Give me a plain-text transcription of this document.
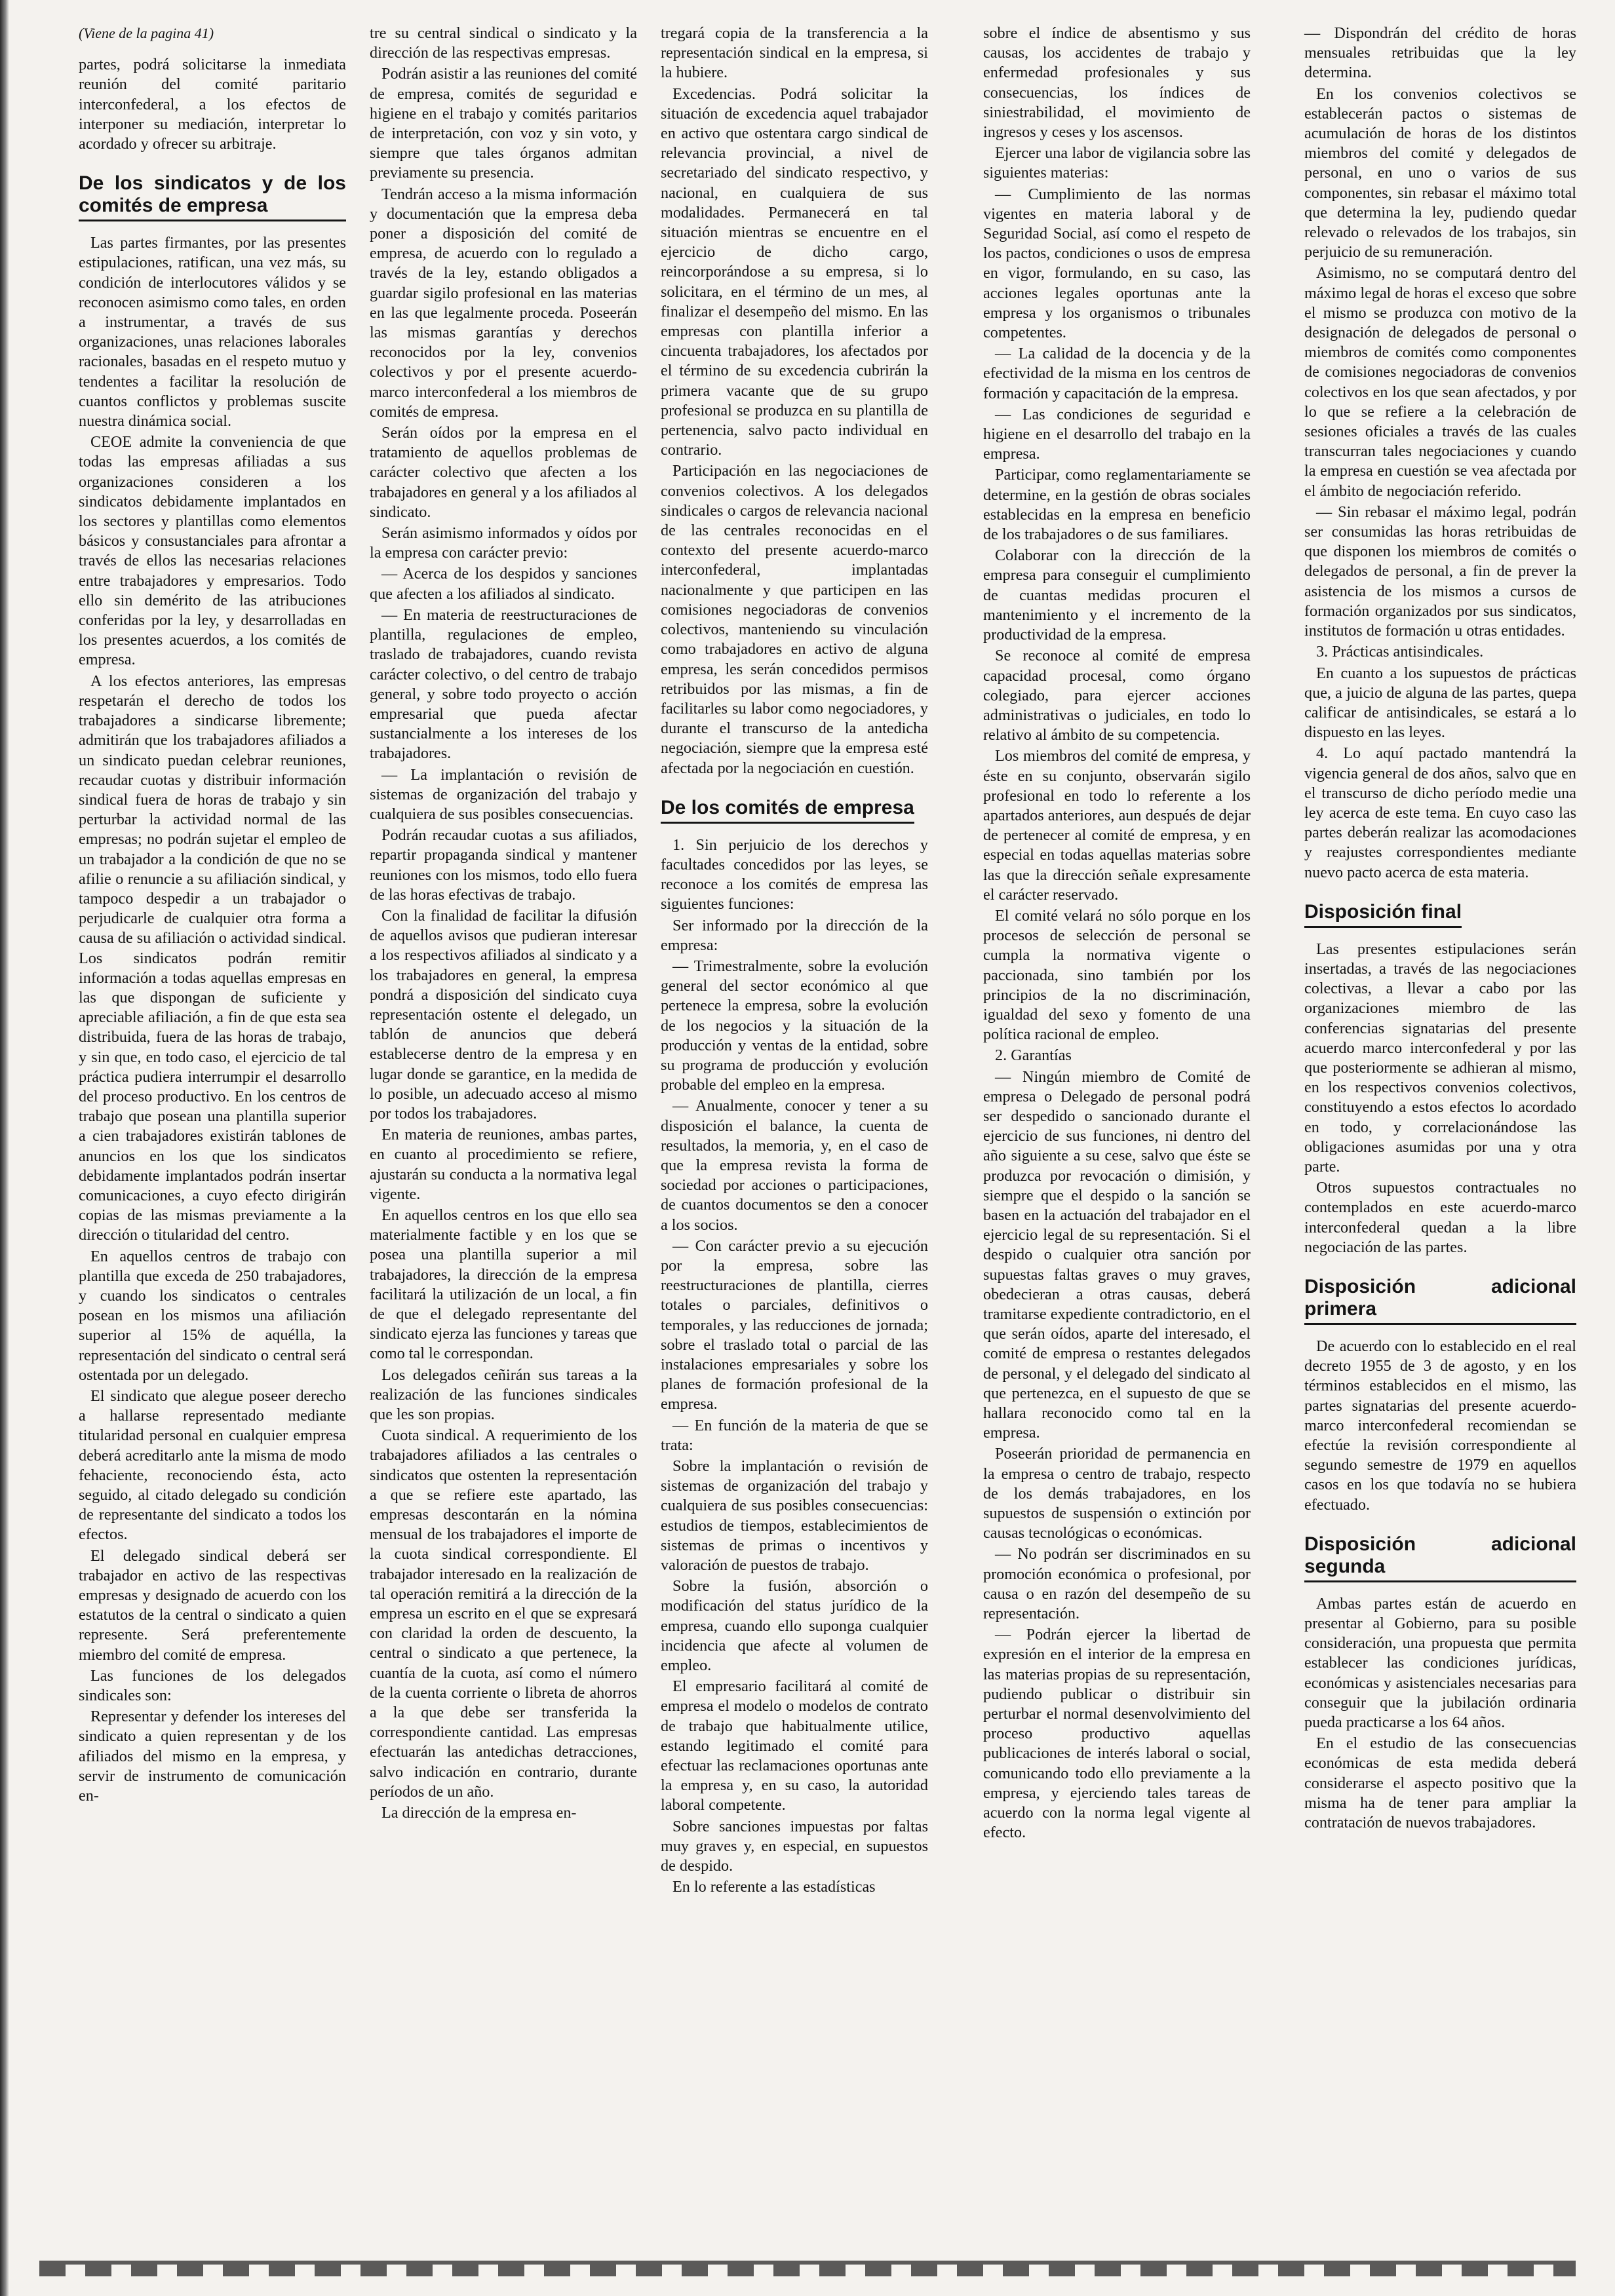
(Viene de la pagina 41)

partes, podrá solicitarse la inmediata reunión del comité paritario interconfederal, a los efectos de interponer su mediación, interpretar lo acordado y ofrecer su arbitraje.

De los sindicatos y de los comités de empresa

Las partes firmantes, por las presentes estipulaciones, ratifican, una vez más, su condición de interlocutores válidos y se reconocen asimismo como tales, en orden a instrumentar, a través de sus organizaciones, unas relaciones laborales racionales, basadas en el respeto mutuo y tendentes a facilitar la resolución de cuantos conflictos y problemas suscite nuestra dinámica social.

CEOE admite la conveniencia de que todas las empresas afiliadas a sus organizaciones consideren a los sindicatos debidamente implantados en los sectores y plantillas como elementos básicos y consustanciales para afrontar a través de ellos las necesarias relaciones entre trabajadores y empresarios. Todo ello sin demérito de las atribuciones conferidas por la ley, y desarrolladas en los presentes acuerdos, a los comités de empresa.

A los efectos anteriores, las empresas respetarán el derecho de todos los trabajadores a sindicarse libremente; admitirán que los trabajadores afiliados a un sindicato puedan celebrar reuniones, recaudar cuotas y distribuir información sindical fuera de horas de trabajo y sin perturbar la actividad normal de las empresas; no podrán sujetar el empleo de un trabajador a la condición de que no se afilie o renuncie a su afiliación sindical, y tampoco despedir a un trabajador o perjudicarle de cualquier otra forma a causa de su afiliación o actividad sindical. Los sindicatos podrán remitir información a todas aquellas empresas en las que dispongan de suficiente y apreciable afiliación, a fin de que esta sea distribuida, fuera de las horas de trabajo, y sin que, en todo caso, el ejercicio de tal práctica pudiera interrumpir el desarrollo del proceso productivo. En los centros de trabajo que posean una plantilla superior a cien trabajadores existirán tablones de anuncios en los que los sindicatos debidamente implantados podrán insertar comunicaciones, a cuyo efecto dirigirán copias de las mismas previamente a la dirección o titularidad del centro.

En aquellos centros de trabajo con plantilla que exceda de 250 trabajadores, y cuando los sindicatos o centrales posean en los mismos una afiliación superior al 15% de aquélla, la representación del sindicato o central será ostentada por un delegado.

El sindicato que alegue poseer derecho a hallarse representado mediante titularidad personal en cualquier empresa deberá acreditarlo ante la misma de modo fehaciente, reconociendo ésta, acto seguido, al citado delegado su condición de representante del sindicato a todos los efectos.

El delegado sindical deberá ser trabajador en activo de las respectivas empresas y designado de acuerdo con los estatutos de la central o sindicato a quien represente. Será preferentemente miembro del comité de empresa.

Las funciones de los delegados sindicales son:

Representar y defender los intereses del sindicato a quien representan y de los afiliados del mismo en la empresa, y servir de instrumento de comunicación en-

tre su central sindical o sindicato y la dirección de las respectivas empresas.

Podrán asistir a las reuniones del comité de empresa, comités de seguridad e higiene en el trabajo y comités paritarios de interpretación, con voz y sin voto, y siempre que tales órganos admitan previamente su presencia.

Tendrán acceso a la misma información y documentación que la empresa deba poner a disposición del comité de empresa, de acuerdo con lo regulado a través de la ley, estando obligados a guardar sigilo profesional en las materias en las que legalmente proceda. Poseerán las mismas garantías y derechos reconocidos por la ley, convenios colectivos y por el presente acuerdo-marco interconfederal a los miembros de comités de empresa.

Serán oídos por la empresa en el tratamiento de aquellos problemas de carácter colectivo que afecten a los trabajadores en general y a los afiliados al sindicato.

Serán asimismo informados y oídos por la empresa con carácter previo:

— Acerca de los despidos y sanciones que afecten a los afiliados al sindicato.

— En materia de reestructuraciones de plantilla, regulaciones de empleo, traslado de trabajadores, cuando revista carácter colectivo, o del centro de trabajo general, y sobre todo proyecto o acción empresarial que pueda afectar sustancialmente a los intereses de los trabajadores.

— La implantación o revisión de sistemas de organización del trabajo y cualquiera de sus posibles consecuencias.

Podrán recaudar cuotas a sus afiliados, repartir propaganda sindical y mantener reuniones con los mismos, todo ello fuera de las horas efectivas de trabajo.

Con la finalidad de facilitar la difusión de aquellos avisos que pudieran interesar a los respectivos afiliados al sindicato y a los trabajadores en general, la empresa pondrá a disposición del sindicato cuya representación ostente el delegado, un tablón de anuncios que deberá establecerse dentro de la empresa y en lugar donde se garantice, en la medida de lo posible, un adecuado acceso al mismo por todos los trabajadores.

En materia de reuniones, ambas partes, en cuanto al procedimiento se refiere, ajustarán su conducta a la normativa legal vigente.

En aquellos centros en los que ello sea materialmente factible y en los que se posea una plantilla superior a mil trabajadores, la dirección de la empresa facilitará la utilización de un local, a fin de que el delegado representante del sindicato ejerza las funciones y tareas que como tal le correspondan.

Los delegados ceñirán sus tareas a la realización de las funciones sindicales que les son propias.

Cuota sindical. A requerimiento de los trabajadores afiliados a las centrales o sindicatos que ostenten la representación a que se refiere este apartado, las empresas descontarán en la nómina mensual de los trabajadores el importe de la cuota sindical correspondiente. El trabajador interesado en la realización de tal operación remitirá a la dirección de la empresa un escrito en el que se expresará con claridad la orden de descuento, la central o sindicato a que pertenece, la cuantía de la cuota, así como el número de la cuenta corriente o libreta de ahorros a la que debe ser transferida la correspondiente cantidad. Las empresas efectuarán las antedichas detracciones, salvo indicación en contrario, durante períodos de un año.

La dirección de la empresa en-

tregará copia de la transferencia a la representación sindical en la empresa, si la hubiere.

Excedencias. Podrá solicitar la situación de excedencia aquel trabajador en activo que ostentara cargo sindical de relevancia provincial, a nivel de secretariado del sindicato respectivo, y nacional, en cualquiera de sus modalidades. Permanecerá en tal situación mientras se encuentre en el ejercicio de dicho cargo, reincorporándose a su empresa, si lo solicitara, en el término de un mes, al finalizar el desempeño del mismo. En las empresas con plantilla inferior a cincuenta trabajadores, los afectados por el término de su excedencia cubrirán la primera vacante que de su grupo profesional se produzca en su plantilla de pertenencia, salvo pacto individual en contrario.

Participación en las negociaciones de convenios colectivos. A los delegados sindicales o cargos de relevancia nacional de las centrales reconocidas en el contexto del presente acuerdo-marco interconfederal, implantadas nacionalmente y que participen en las comisiones negociadoras de convenios colectivos, manteniendo su vinculación como trabajadores en activo de alguna empresa, les serán concedidos permisos retribuidos por las mismas, a fin de facilitarles su labor como negociadores, y durante el transcurso de la antedicha negociación, siempre que la empresa esté afectada por la negociación en cuestión.

De los comités de empresa

1. Sin perjuicio de los derechos y facultades concedidos por las leyes, se reconoce a los comités de empresa las siguientes funciones:

Ser informado por la dirección de la empresa:

— Trimestralmente, sobre la evolución general del sector económico al que pertenece la empresa, sobre la evolución de los negocios y la situación de la producción y ventas de la entidad, sobre su programa de producción y evolución probable del empleo en la empresa.

— Anualmente, conocer y tener a su disposición el balance, la cuenta de resultados, la memoria, y, en el caso de que la empresa revista la forma de sociedad por acciones o participaciones, de cuantos documentos se den a conocer a los socios.

— Con carácter previo a su ejecución por la empresa, sobre las reestructuraciones de plantilla, cierres totales o parciales, definitivos o temporales, y las reducciones de jornada; sobre el traslado total o parcial de las instalaciones empresariales y sobre los planes de formación profesional de la empresa.

— En función de la materia de que se trata:

Sobre la implantación o revisión de sistemas de organización del trabajo y cualquiera de sus posibles consecuencias: estudios de tiempos, establecimientos de sistemas de primas o incentivos y valoración de puestos de trabajo.

Sobre la fusión, absorción o modificación del status jurídico de la empresa, cuando ello suponga cualquier incidencia que afecte al volumen de empleo.

El empresario facilitará al comité de empresa el modelo o modelos de contrato de trabajo que habitualmente utilice, estando legitimado el comité para efectuar las reclamaciones oportunas ante la empresa y, en su caso, la autoridad laboral competente.

Sobre sanciones impuestas por faltas muy graves y, en especial, en supuestos de despido.

En lo referente a las estadísticas

sobre el índice de absentismo y sus causas, los accidentes de trabajo y enfermedad profesionales y sus consecuencias, los índices de siniestrabilidad, el movimiento de ingresos y ceses y los ascensos.

Ejercer una labor de vigilancia sobre las siguientes materias:

— Cumplimiento de las normas vigentes en materia laboral y de Seguridad Social, así como el respeto de los pactos, condiciones o usos de empresa en vigor, formulando, en su caso, las acciones legales oportunas ante la empresa y los organismos o tribunales competentes.

— La calidad de la docencia y de la efectividad de la misma en los centros de formación y capacitación de la empresa.

— Las condiciones de seguridad e higiene en el desarrollo del trabajo en la empresa.

Participar, como reglamentariamente se determine, en la gestión de obras sociales establecidas en la empresa en beneficio de los trabajadores o de sus familiares.

Colaborar con la dirección de la empresa para conseguir el cumplimiento de cuantas medidas procuren el mantenimiento y el incremento de la productividad de la empresa.

Se reconoce al comité de empresa capacidad procesal, como órgano colegiado, para ejercer acciones administrativas o judiciales, en todo lo relativo al ámbito de su competencia.

Los miembros del comité de empresa, y éste en su conjunto, observarán sigilo profesional en todo lo referente a los apartados anteriores, aun después de dejar de pertenecer al comité de empresa, y en especial en todas aquellas materias sobre las que la dirección señale expresamente el carácter reservado.

El comité velará no sólo porque en los procesos de selección de personal se cumpla la normativa vigente o paccionada, sino también por los principios de la no discriminación, igualdad del sexo y fomento de una política racional de empleo.

2. Garantías

— Ningún miembro de Comité de empresa o Delegado de personal podrá ser despedido o sancionado durante el ejercicio de sus funciones, ni dentro del año siguiente a su cese, salvo que éste se produzca por revocación o dimisión, y siempre que el despido o la sanción se basen en la actuación del trabajador en el ejercicio legal de su representación. Si el despido o cualquier otra sanción por supuestas faltas graves o muy graves, obedecieran a otras causas, deberá tramitarse expediente contradictorio, en el que serán oídos, aparte del interesado, el comité de empresa o restantes delegados de personal, y el delegado del sindicato al que pertenezca, en el supuesto de que se hallara reconocido como tal en la empresa.

Poseerán prioridad de permanencia en la empresa o centro de trabajo, respecto de los demás trabajadores, en los supuestos de suspensión o extinción por causas tecnológicas o económicas.

— No podrán ser discriminados en su promoción económica o profesional, por causa o en razón del desempeño de su representación.

— Podrán ejercer la libertad de expresión en el interior de la empresa en las materias propias de su representación, pudiendo publicar o distribuir sin perturbar el normal desenvolvimiento del proceso productivo aquellas publicaciones de interés laboral o social, comunicando todo ello previamente a la empresa, y ejerciendo tales tareas de acuerdo con la norma legal vigente al efecto.

— Dispondrán del crédito de horas mensuales retribuidas que la ley determina.

En los convenios colectivos se establecerán pactos o sistemas de acumulación de horas de los distintos miembros del comité y delegados de personal, en uno o varios de sus componentes, sin rebasar el máximo total que determina la ley, pudiendo quedar relevado o relevados de los trabajos, sin perjuicio de su remuneración.

Asimismo, no se computará dentro del máximo legal de horas el exceso que sobre el mismo se produzca con motivo de la designación de delegados de personal o miembros de comités como componentes de comisiones negociadoras de convenios colectivos en los que sean afectados, y por lo que se refiere a la celebración de sesiones oficiales a través de las cuales transcurran tales negociaciones y cuando la empresa en cuestión se vea afectada por el ámbito de negociación referido.

— Sin rebasar el máximo legal, podrán ser consumidas las horas retribuidas de que disponen los miembros de comités o delegados de personal, a fin de prever la asistencia de los mismos a cursos de formación organizados por sus sindicatos, institutos de formación u otras entidades.

3. Prácticas antisindicales.

En cuanto a los supuestos de prácticas que, a juicio de alguna de las partes, quepa calificar de antisindicales, se estará a lo dispuesto en las leyes.

4. Lo aquí pactado mantendrá la vigencia general de dos años, salvo que en el transcurso de dicho período medie una ley acerca de este tema. En cuyo caso las partes deberán realizar las acomodaciones y reajustes correspondientes mediante nuevo pacto acerca de esta materia.

Disposición final

Las presentes estipulaciones serán insertadas, a través de las negociaciones colectivas, a llevar a cabo por las organizaciones miembro de las conferencias signatarias del presente acuerdo marco interconfederal y por las que posteriormente se adhieran al mismo, en los respectivos convenios colectivos, constituyendo a estos efectos lo acordado en todo, y correlacionándose las obligaciones asumidas por una y otra parte.

Otros supuestos contractuales no contemplados en este acuerdo-marco interconfederal quedan a la libre negociación de las partes.

Disposición adicional primera

De acuerdo con lo establecido en el real decreto 1955 de 3 de agosto, y en los términos establecidos en el mismo, las partes signatarias del presente acuerdo-marco interconfederal recomiendan se efectúe la revisión correspondiente al segundo semestre de 1979 en aquellos casos en los que todavía no se hubiera efectuado.

Disposición adicional segunda

Ambas partes están de acuerdo en presentar al Gobierno, para su posible consideración, una propuesta que permita establecer las condiciones jurídicas, económicas y asistenciales necesarias para conseguir que la jubilación ordinaria pueda practicarse a los 64 años.

En el estudio de las consecuencias económicas de esta medida deberá considerarse el aspecto positivo que la misma ha de tener para ampliar la contratación de nuevos trabajadores.
